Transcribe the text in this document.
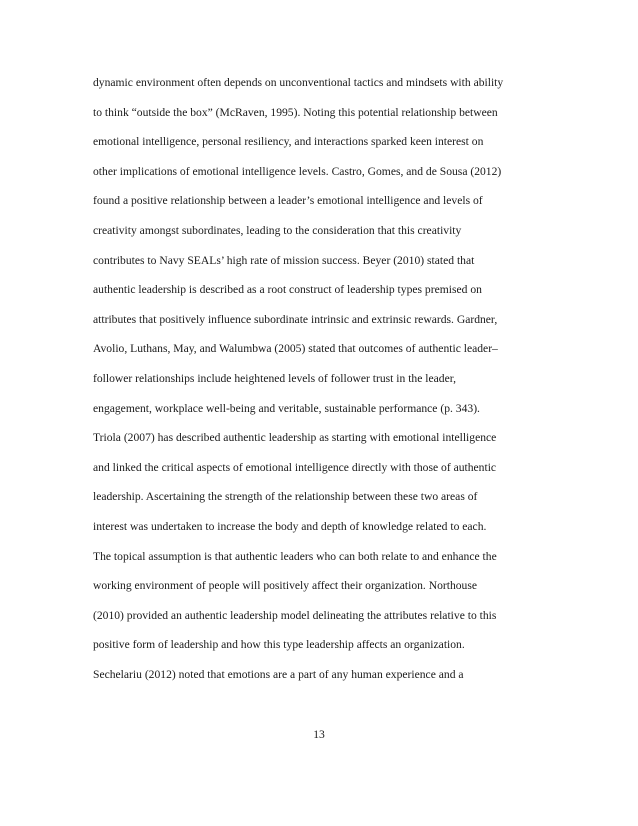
dynamic environment often depends on unconventional tactics and mindsets with ability

to think “outside the box” (McRaven, 1995). Noting this potential relationship between

emotional intelligence, personal resiliency, and interactions sparked keen interest on

other implications of emotional intelligence levels. Castro, Gomes, and de Sousa (2012)

found a positive relationship between a leader’s emotional intelligence and levels of

creativity amongst subordinates, leading to the consideration that this creativity

contributes to Navy SEALs’ high rate of mission success. Beyer (2010) stated that

authentic leadership is described as a root construct of leadership types premised on

attributes that positively influence subordinate intrinsic and extrinsic rewards. Gardner,

Avolio, Luthans, May, and Walumbwa (2005) stated that outcomes of authentic leader–

follower relationships include heightened levels of follower trust in the leader,

engagement, workplace well-being and veritable, sustainable performance (p. 343).

Triola (2007) has described authentic leadership as starting with emotional intelligence

and linked the critical aspects of emotional intelligence directly with those of authentic

leadership. Ascertaining the strength of the relationship between these two areas of

interest was undertaken to increase the body and depth of knowledge related to each.

The topical assumption is that authentic leaders who can both relate to and enhance the

working environment of people will positively affect their organization. Northouse

(2010) provided an authentic leadership model delineating the attributes relative to this

positive form of leadership and how this type leadership affects an organization.

Sechelariu (2012) noted that emotions are a part of any human experience and a

13
